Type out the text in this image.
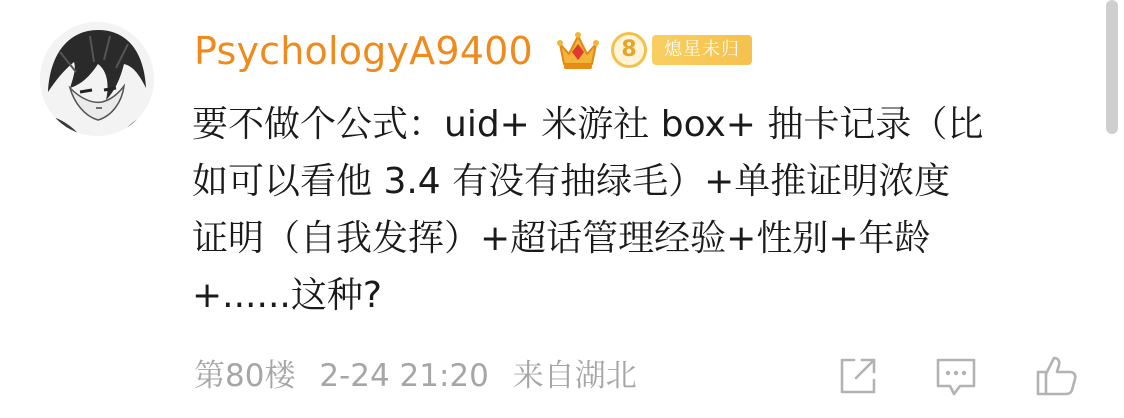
PsychologyA9400	熄星未归
8

要不做个公式：uid+ 米游社 box+ 抽卡记录（比
如可以看他 3.4 有没有抽绿毛）+单推证明浓度
证明（自我发挥）+超话管理经验+性别+年龄
+......这种?

第80楼 2-24 21:20 来自湖北
